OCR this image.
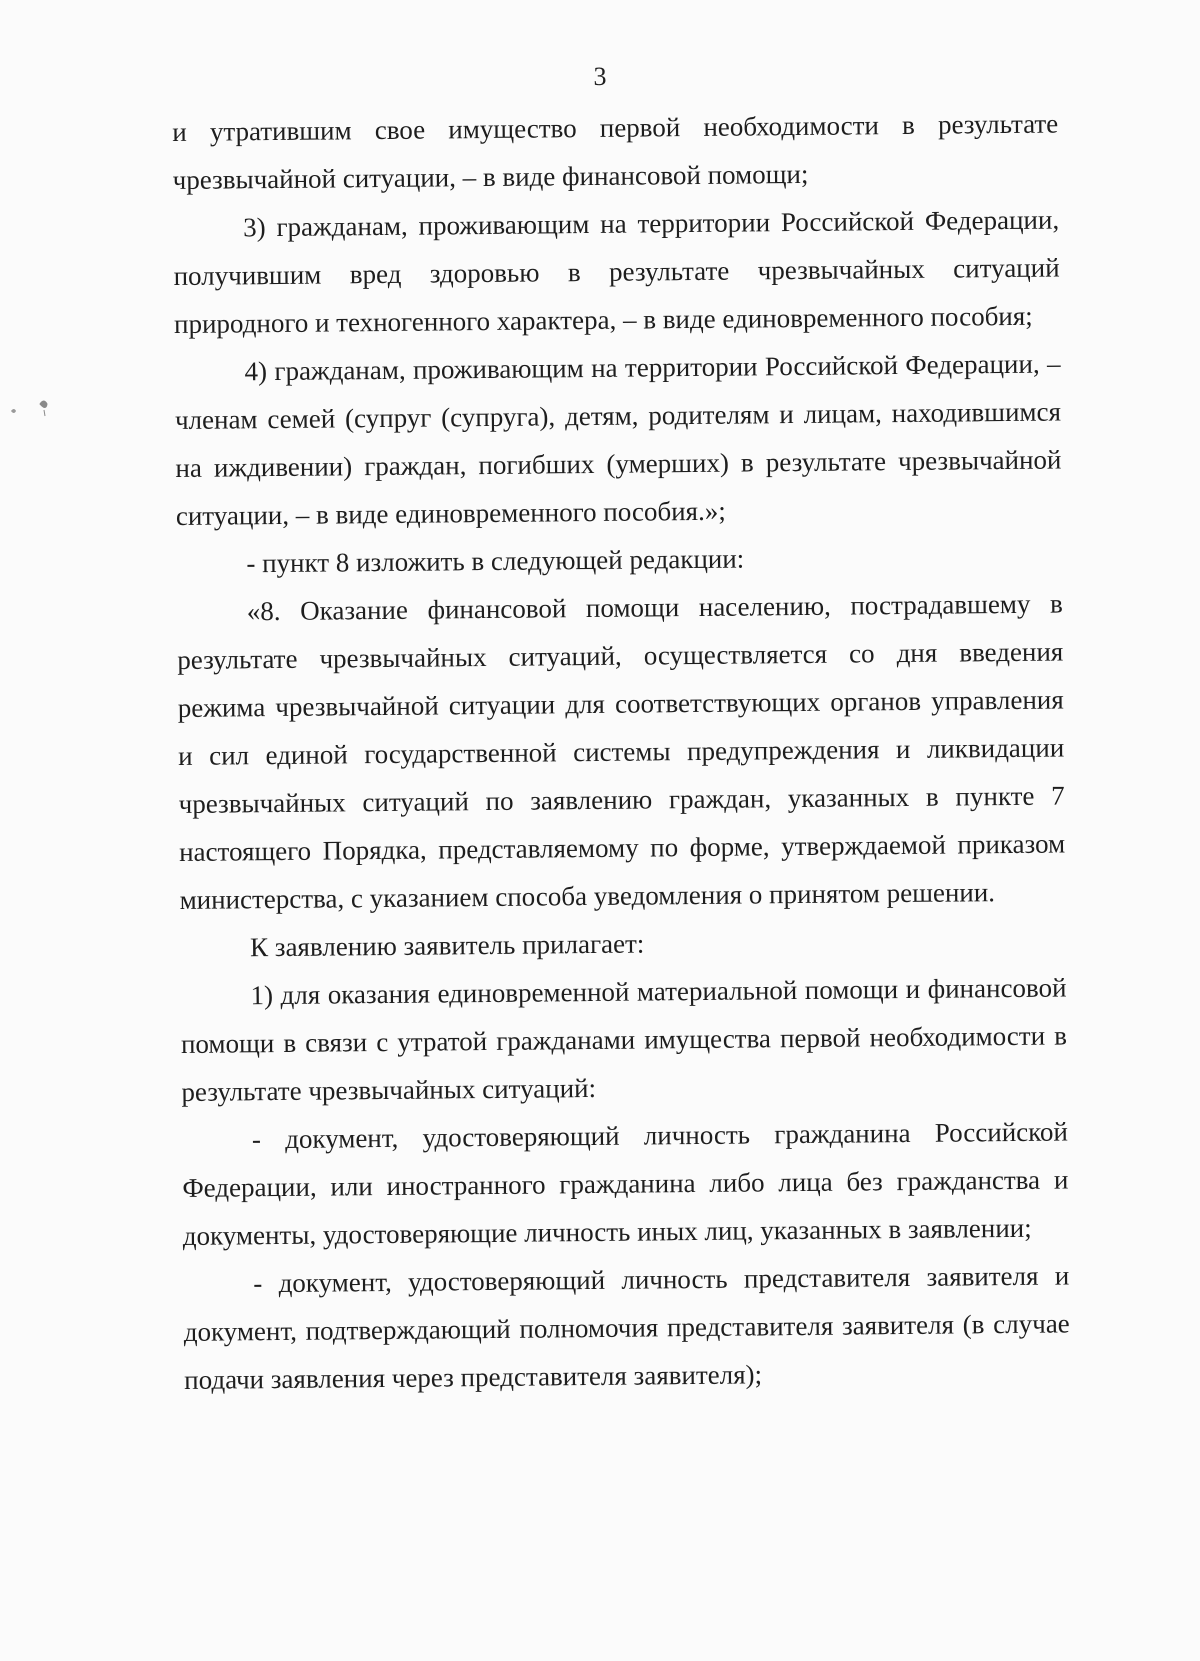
3

и утратившим свое имущество первой необходимости в результате чрезвычайной ситуации, – в виде финансовой помощи;

3) гражданам, проживающим на территории Российской Федерации, получившим вред здоровью в результате чрезвычайных ситуаций природного и техногенного характера, – в виде единовременного пособия;

4) гражданам, проживающим на территории Российской Федерации, – членам семей (супруг (супруга), детям, родителям и лицам, находившимся на иждивении) граждан, погибших (умерших) в результате чрезвычайной ситуации, – в виде единовременного пособия.»;

- пункт 8 изложить в следующей редакции:

«8. Оказание финансовой помощи населению, пострадавшему в результате чрезвычайных ситуаций, осуществляется со дня введения режима чрезвычайной ситуации для соответствующих органов управления и сил единой государственной системы предупреждения и ликвидации чрезвычайных ситуаций по заявлению граждан, указанных в пункте 7 настоящего Порядка, представляемому по форме, утверждаемой приказом министерства, с указанием способа уведомления о принятом решении.

К заявлению заявитель прилагает:

1) для оказания единовременной материальной помощи и финансовой помощи в связи с утратой гражданами имущества первой необходимости в результате чрезвычайных ситуаций:

- документ, удостоверяющий личность гражданина Российской Федерации, или иностранного гражданина либо лица без гражданства и документы, удостоверяющие личность иных лиц, указанных в заявлении;

- документ, удостоверяющий личность представителя заявителя и документ, подтверждающий полномочия представителя заявителя (в случае подачи заявления через представителя заявителя);
